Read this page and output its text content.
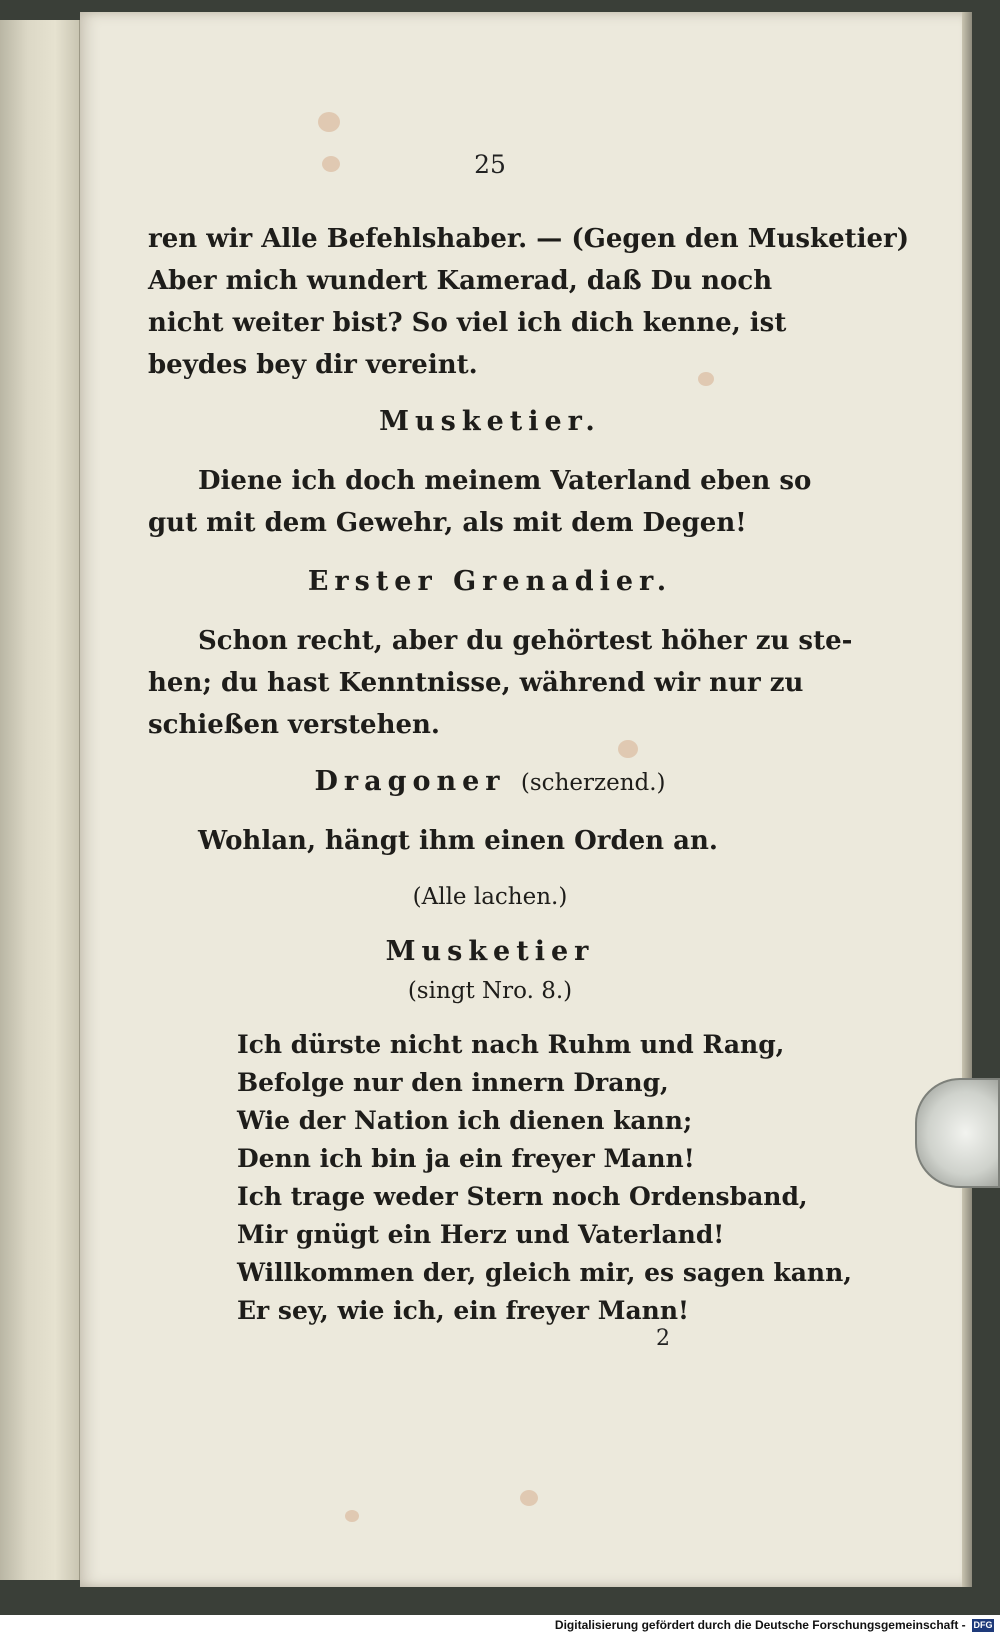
25
ren wir Alle Befehlshaber. — (Gegen den Musketier)
Aber mich wundert Kamerad, daß Du noch
nicht weiter bist? So viel ich dich kenne, ist
beydes bey dir vereint.
Musketier.
Diene ich doch meinem Vaterland eben so
gut mit dem Gewehr, als mit dem Degen!
Erster Grenadier.
Schon recht, aber du gehörtest höher zu ste-
hen; du hast Kenntnisse, während wir nur zu
schießen verstehen.
Dragoner (scherzend.)
Wohlan, hängt ihm einen Orden an.
(Alle lachen.)
Musketier
(singt Nro. 8.)
Ich dürste nicht nach Ruhm und Rang,
Befolge nur den innern Drang,
Wie der Nation ich dienen kann;
Denn ich bin ja ein freyer Mann!
Ich trage weder Stern noch Ordensband,
Mir gnügt ein Herz und Vaterland!
Willkommen der, gleich mir, es sagen kann,
Er sey, wie ich, ein freyer Mann!
2
Digitalisierung gefördert durch die Deutsche Forschungsgemeinschaft - DFG
